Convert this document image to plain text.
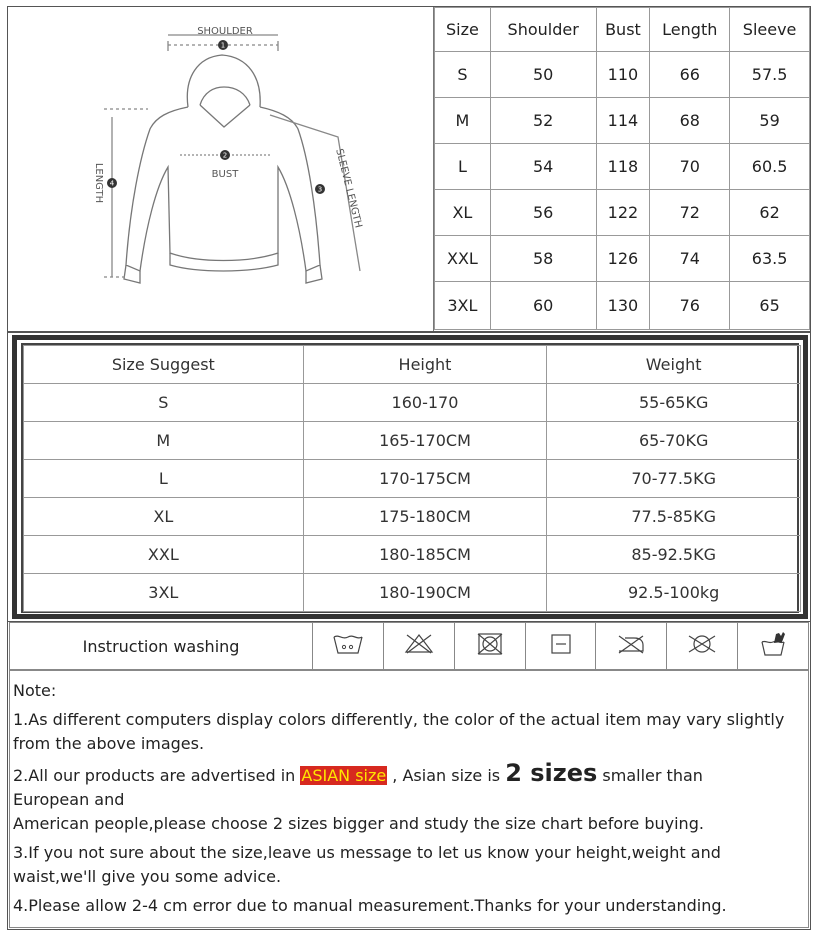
1
2
4
3
SHOULDER
BUST
LENGTH	SLEEVE LENGTH
Size	Shoulder	Bust	Length	Sleeve
S	50	110	66	57.5
M	52	114	68	59
L	54	118	70	60.5
XL	56	122	72	62
XXL	58	126	74	63.5
3XL	60	130	76	65
Size Suggest	Height	Weight
S	160-170	55-65KG
M	165-170CM	65-70KG
L	170-175CM	70-77.5KG
XL	175-180CM	77.5-85KG
XXL	180-185CM	85-92.5KG
3XL	180-190CM	92.5-100kg
Instruction washing							

Note:

1.As different computers display colors differently, the color of the actual item may vary slightly from the above images.

2.All our products are advertised in ASIAN size , Asian size is 2 sizes smaller than

European and

American people,please choose 2 sizes bigger and study the size chart before buying.

3.If you not sure about the size,leave us message to let us know your height,weight and waist,we'll give you some advice.

4.Please allow 2-4 cm error due to manual measurement.Thanks for your understanding.
